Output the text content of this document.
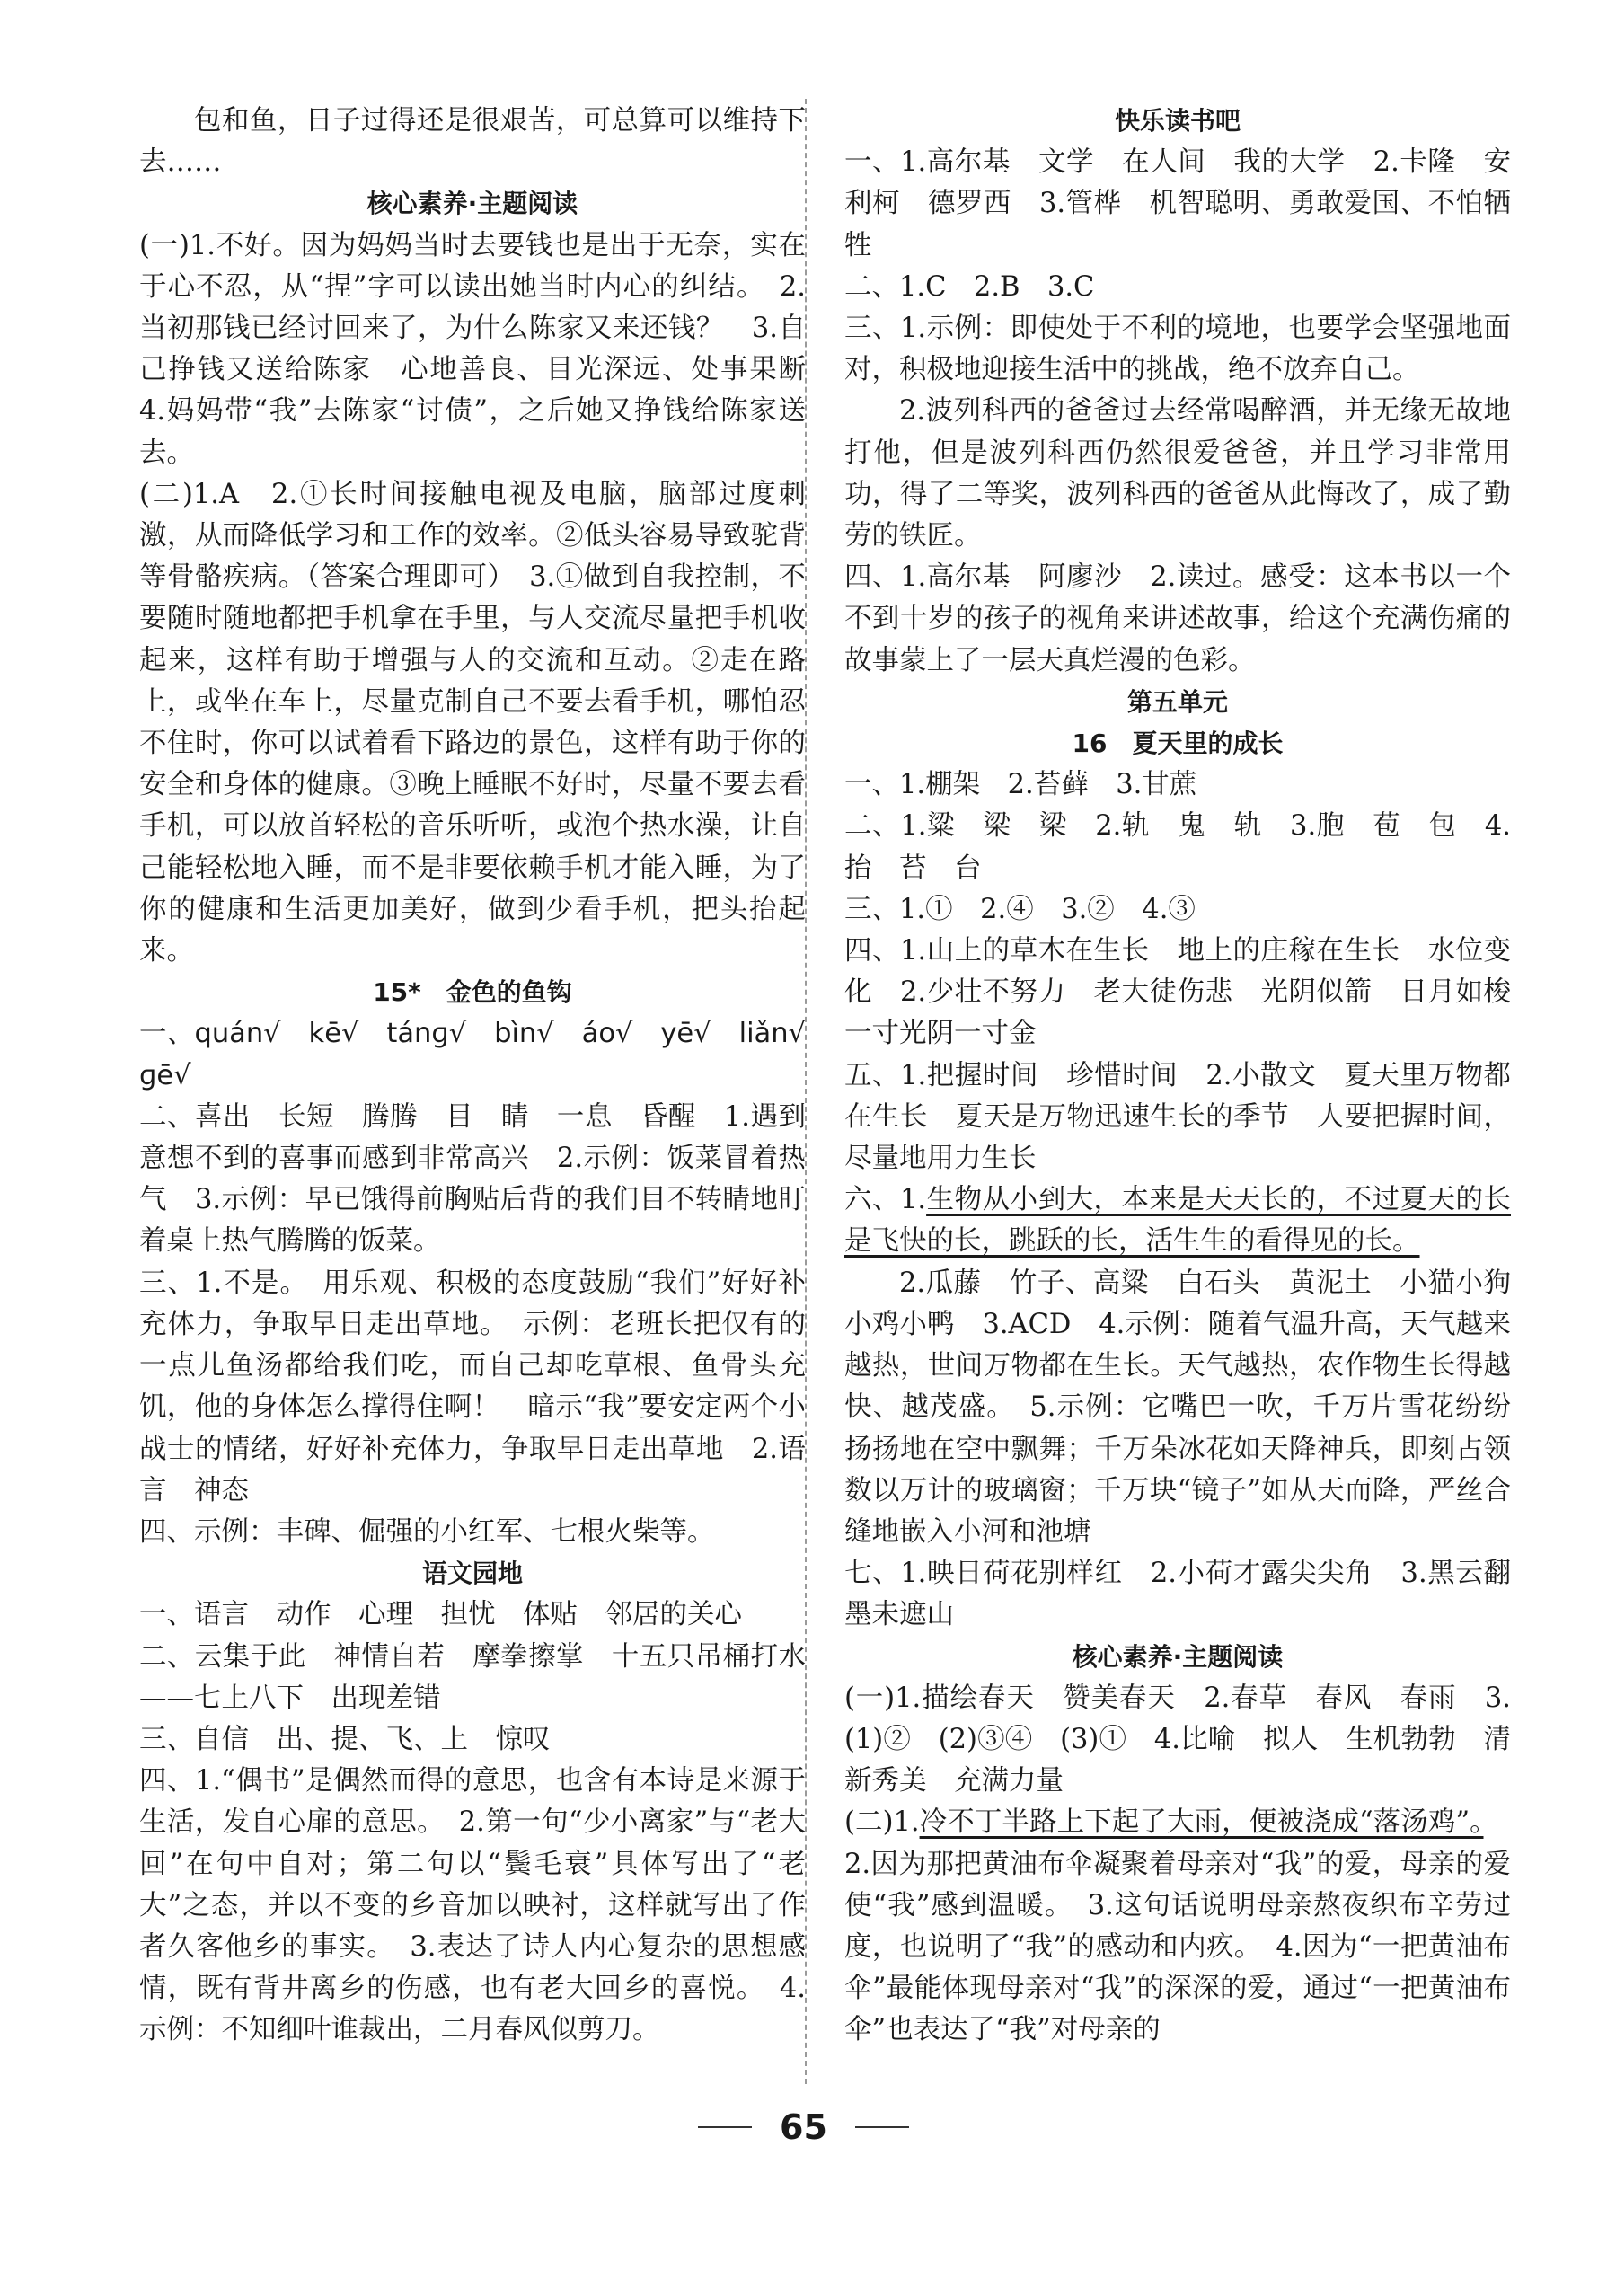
包和鱼，日子过得还是很艰苦，可总算可以维持下去……

核心素养·主题阅读

(一)1.不好。因为妈妈当时去要钱也是出于无奈，实在于心不忍，从“捏”字可以读出她当时内心的纠结。　2.当初那钱已经讨回来了，为什么陈家又来还钱？　3.自己挣钱又送给陈家　心地善良、目光深远、处事果断　4.妈妈带“我”去陈家“讨债”，之后她又挣钱给陈家送去。

(二)1.A　2.①长时间接触电视及电脑，脑部过度刺激，从而降低学习和工作的效率。②低头容易导致驼背等骨骼疾病。（答案合理即可）　3.①做到自我控制，不要随时随地都把手机拿在手里，与人交流尽量把手机收起来，这样有助于增强与人的交流和互动。②走在路上，或坐在车上，尽量克制自己不要去看手机，哪怕忍不住时，你可以试着看下路边的景色，这样有助于你的安全和身体的健康。③晚上睡眠不好时，尽量不要去看手机，可以放首轻松的音乐听听，或泡个热水澡，让自己能轻松地入睡，而不是非要依赖手机才能入睡，为了你的健康和生活更加美好，做到少看手机，把头抬起来。

15*　金色的鱼钩

一、quán√　kē√　tánɡ√　bìn√　áo√　yē√　liǎn√　ɡē√

二、喜出　长短　腾腾　目　睛　一息　昏醒　1.遇到意想不到的喜事而感到非常高兴　2.示例：饭菜冒着热气　3.示例：早已饿得前胸贴后背的我们目不转睛地盯着桌上热气腾腾的饭菜。

三、1.不是。　用乐观、积极的态度鼓励“我们”好好补充体力，争取早日走出草地。　示例：老班长把仅有的一点儿鱼汤都给我们吃，而自己却吃草根、鱼骨头充饥，他的身体怎么撑得住啊！　暗示“我”要安定两个小战士的情绪，好好补充体力，争取早日走出草地　2.语言　神态

四、示例：丰碑、倔强的小红军、七根火柴等。

语文园地

一、语言　动作　心理　担忧　体贴　邻居的关心

二、云集于此　神情自若　摩拳擦掌　十五只吊桶打水——七上八下　出现差错

三、自信　出、提、飞、上　惊叹

四、1.“偶书”是偶然而得的意思，也含有本诗是来源于生活，发自心扉的意思。　2.第一句“少小离家”与“老大回”在句中自对；第二句以“鬓毛衰”具体写出了“老大”之态，并以不变的乡音加以映衬，这样就写出了作者久客他乡的事实。　3.表达了诗人内心复杂的思想感情，既有背井离乡的伤感，也有老大回乡的喜悦。　4.示例：不知细叶谁裁出，二月春风似剪刀。

快乐读书吧

一、1.高尔基　文学　在人间　我的大学　2.卡隆　安利柯　德罗西　3.管桦　机智聪明、勇敢爱国、不怕牺牲

二、1.C　2.B　3.C

三、1.示例：即使处于不利的境地，也要学会坚强地面对，积极地迎接生活中的挑战，绝不放弃自己。

2.波列科西的爸爸过去经常喝醉酒，并无缘无故地打他，但是波列科西仍然很爱爸爸，并且学习非常用功，得了二等奖，波列科西的爸爸从此悔改了，成了勤劳的铁匠。

四、1.高尔基　阿廖沙　2.读过。感受：这本书以一个不到十岁的孩子的视角来讲述故事，给这个充满伤痛的故事蒙上了一层天真烂漫的色彩。

第五单元

16　夏天里的成长

一、1.棚架　2.苔藓　3.甘蔗

二、1.粱　梁　梁　2.轨　鬼　轨　3.胞　苞　包　4.抬　苔　台

三、1.①　2.④　3.②　4.③

四、1.山上的草木在生长　地上的庄稼在生长　水位变化　2.少壮不努力　老大徒伤悲　光阴似箭　日月如梭　一寸光阴一寸金

五、1.把握时间　珍惜时间　2.小散文　夏天里万物都在生长　夏天是万物迅速生长的季节　人要把握时间，尽量地用力生长

六、1.生物从小到大，本来是天天长的，不过夏天的长是飞快的长，跳跃的长，活生生的看得见的长。

2.瓜藤　竹子、高粱　白石头　黄泥土　小猫小狗小鸡小鸭　3.ACD　4.示例：随着气温升高，天气越来越热，世间万物都在生长。天气越热，农作物生长得越快、越茂盛。　5.示例：它嘴巴一吹，千万片雪花纷纷扬扬地在空中飘舞；千万朵冰花如天降神兵，即刻占领数以万计的玻璃窗；千万块“镜子”如从天而降，严丝合缝地嵌入小河和池塘

七、1.映日荷花别样红　2.小荷才露尖尖角　3.黑云翻墨未遮山

核心素养·主题阅读

(一)1.描绘春天　赞美春天　2.春草　春风　春雨　3.(1)②　(2)③④　(3)①　4.比喻　拟人　生机勃勃　清新秀美　充满力量

(二)1.冷不丁半路上下起了大雨，便被浇成“落汤鸡”。　2.因为那把黄油布伞凝聚着母亲对“我”的爱，母亲的爱使“我”感到温暖。　3.这句话说明母亲熬夜织布辛劳过度，也说明了“我”的感动和内疚。　4.因为“一把黄油布伞”最能体现母亲对“我”的深深的爱，通过“一把黄油布伞”也表达了“我”对母亲的

65
